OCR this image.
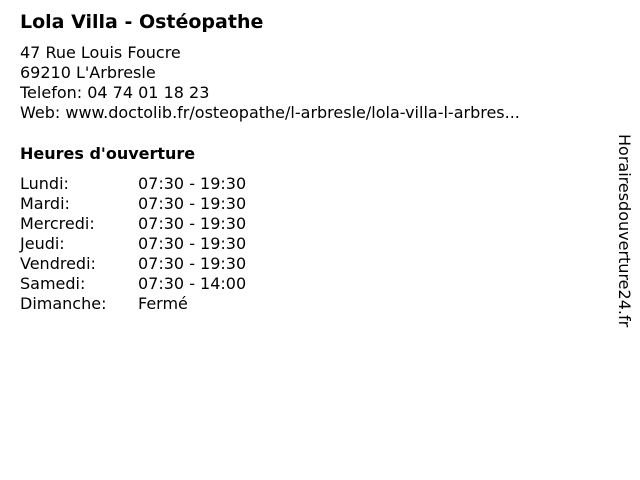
Lola Villa - Ostéopathe
47 Rue Louis Foucre
69210 L'Arbresle
Telefon: 04 74 01 18 23
Web: www.doctolib.fr/osteopathe/l-arbresle/lola-villa-l-arbres...
Heures d'ouverture
Lundi:	07:30 - 19:30
Mardi:	07:30 - 19:30
Mercredi:	07:30 - 19:30
Jeudi:	07:30 - 19:30
Vendredi:	07:30 - 19:30
Samedi:	07:30 - 14:00
Dimanche:	Fermé	Horairesdouverture24.fr
